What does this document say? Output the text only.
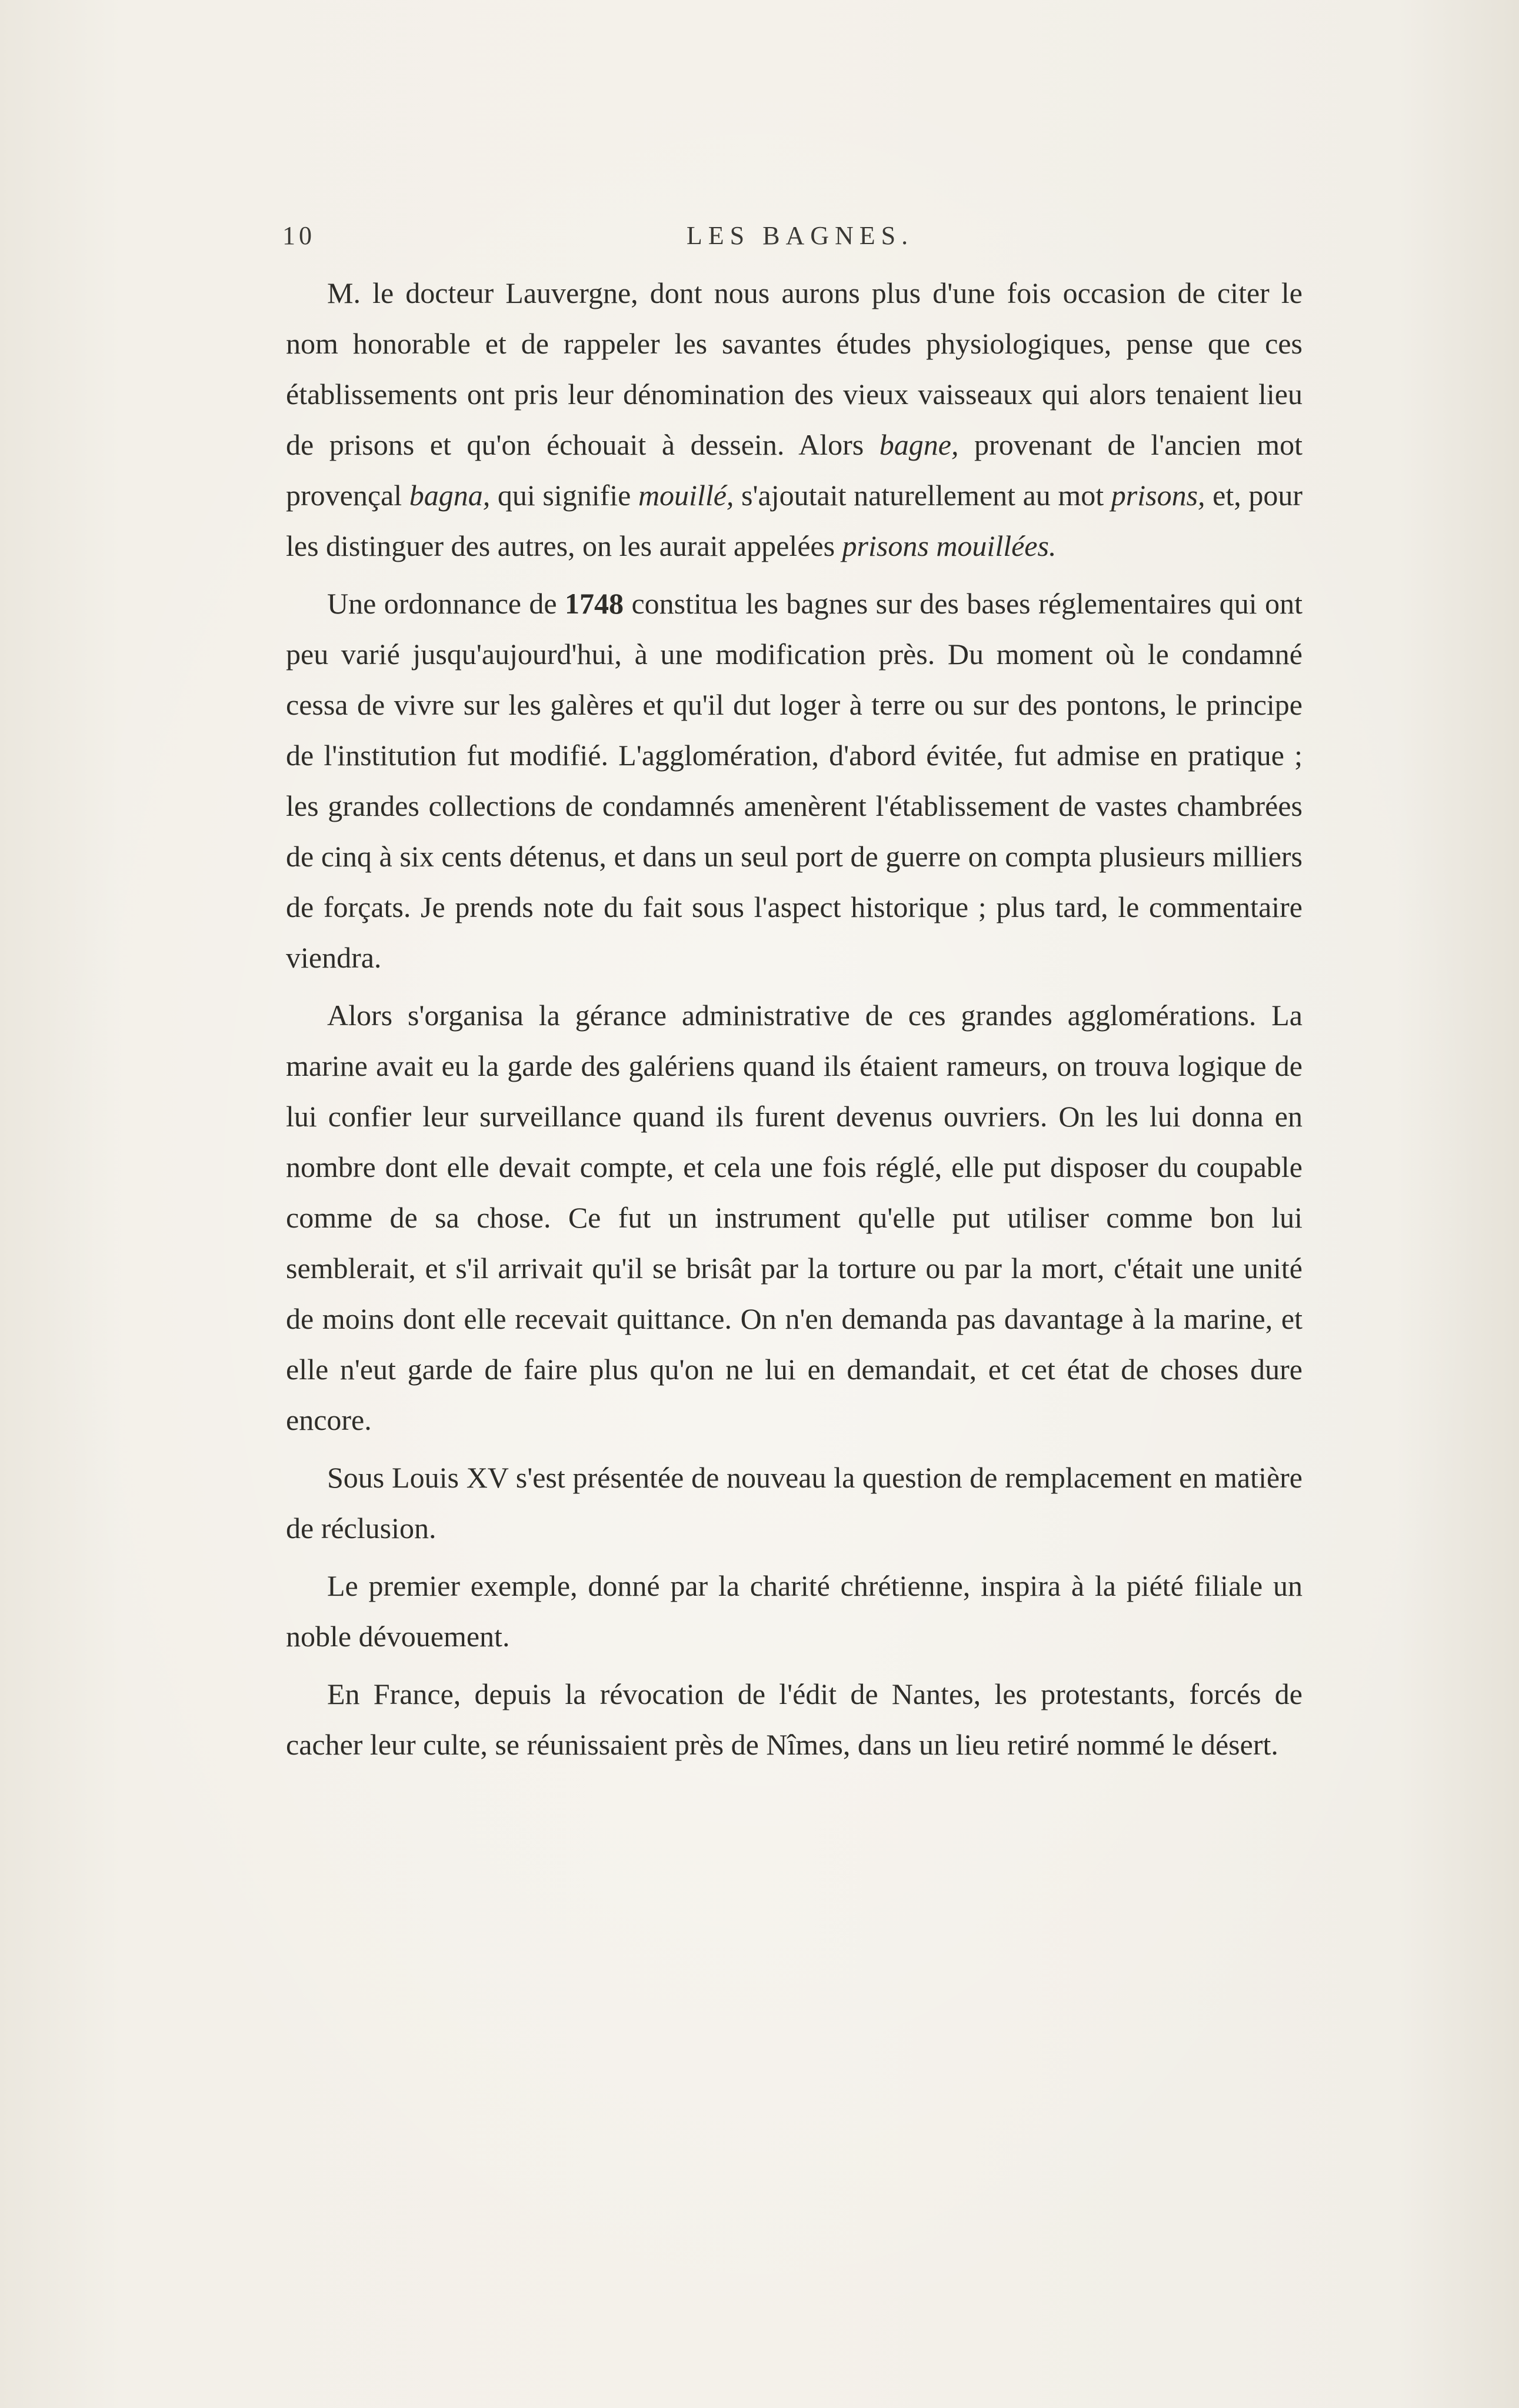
10	LES BAGNES.

M. le docteur Lauvergne, dont nous aurons plus d'une fois occasion de citer le nom honorable et de rappeler les savantes études physiologiques, pense que ces établissements ont pris leur dénomination des vieux vaisseaux qui alors tenaient lieu de prisons et qu'on échouait à dessein. Alors bagne, provenant de l'ancien mot provençal bagna, qui signifie mouillé, s'ajoutait naturellement au mot prisons, et, pour les distinguer des autres, on les aurait appelées prisons mouillées.

Une ordonnance de 1748 constitua les bagnes sur des bases réglementaires qui ont peu varié jusqu'aujourd'hui, à une modification près. Du moment où le condamné cessa de vivre sur les galères et qu'il dut loger à terre ou sur des pontons, le principe de l'institution fut modifié. L'agglomération, d'abord évitée, fut admise en pratique ; les grandes collections de condamnés amenèrent l'établissement de vastes chambrées de cinq à six cents détenus, et dans un seul port de guerre on compta plusieurs milliers de forçats. Je prends note du fait sous l'aspect historique ; plus tard, le commentaire viendra.

Alors s'organisa la gérance administrative de ces grandes agglomérations. La marine avait eu la garde des galériens quand ils étaient rameurs, on trouva logique de lui confier leur surveillance quand ils furent devenus ouvriers. On les lui donna en nombre dont elle devait compte, et cela une fois réglé, elle put disposer du coupable comme de sa chose. Ce fut un instrument qu'elle put utiliser comme bon lui semblerait, et s'il arrivait qu'il se brisât par la torture ou par la mort, c'était une unité de moins dont elle recevait quittance. On n'en demanda pas davantage à la marine, et elle n'eut garde de faire plus qu'on ne lui en demandait, et cet état de choses dure encore.

Sous Louis XV s'est présentée de nouveau la question de remplacement en matière de réclusion.

Le premier exemple, donné par la charité chrétienne, inspira à la piété filiale un noble dévouement.

En France, depuis la révocation de l'édit de Nantes, les protestants, forcés de cacher leur culte, se réunissaient près de Nîmes, dans un lieu retiré nommé le désert.
